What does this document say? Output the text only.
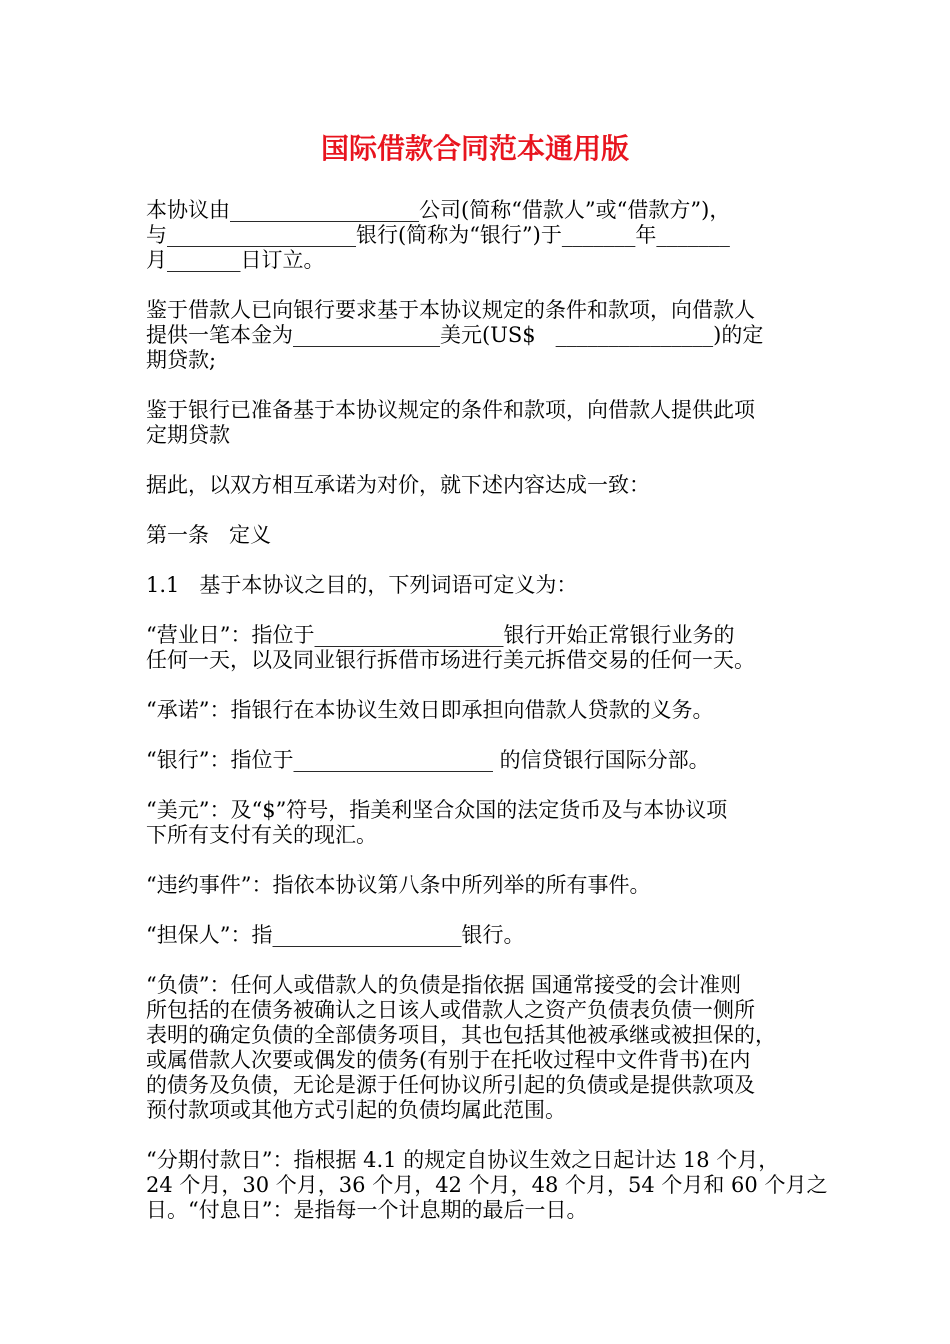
国际借款合同范本通用版

本协议由__________________公司(简称“借款人”或“借款方”)，
与__________________银行(简称为“银行”)于_______年_______
月_______日订立。

鉴于借款人已向银行要求基于本协议规定的条件和款项，向借款人
提供一笔本金为______________美元(US$   _______________)的定
期贷款;

鉴于银行已准备基于本协议规定的条件和款项，向借款人提供此项
定期贷款

据此，以双方相互承诺为对价，就下述内容达成一致：

第一条   定义

1.1   基于本协议之目的，下列词语可定义为：

“营业日”：指位于__________________银行开始正常银行业务的
任何一天，以及同业银行拆借市场进行美元拆借交易的任何一天。

“承诺”：指银行在本协议生效日即承担向借款人贷款的义务。

“银行”：指位于___________________ 的信贷银行国际分部。

“美元”：及“$”符号，指美利坚合众国的法定货币及与本协议项
下所有支付有关的现汇。

“违约事件”：指依本协议第八条中所列举的所有事件。

“担保人”：指__________________银行。

“负债”：任何人或借款人的负债是指依据 国通常接受的会计准则
所包括的在债务被确认之日该人或借款人之资产负债表负债一侧所
表明的确定负债的全部债务项目，其也包括其他被承继或被担保的，
或属借款人次要或偶发的债务(有别于在托收过程中文件背书)在内
的债务及负债，无论是源于任何协议所引起的负债或是提供款项及
预付款项或其他方式引起的负债均属此范围。

“分期付款日”：指根据 4.1 的规定自协议生效之日起计达 18 个月，
24 个月，30 个月，36 个月，42 个月，48 个月，54 个月和 60 个月之
日。“付息日”：是指每一个计息期的最后一日。
